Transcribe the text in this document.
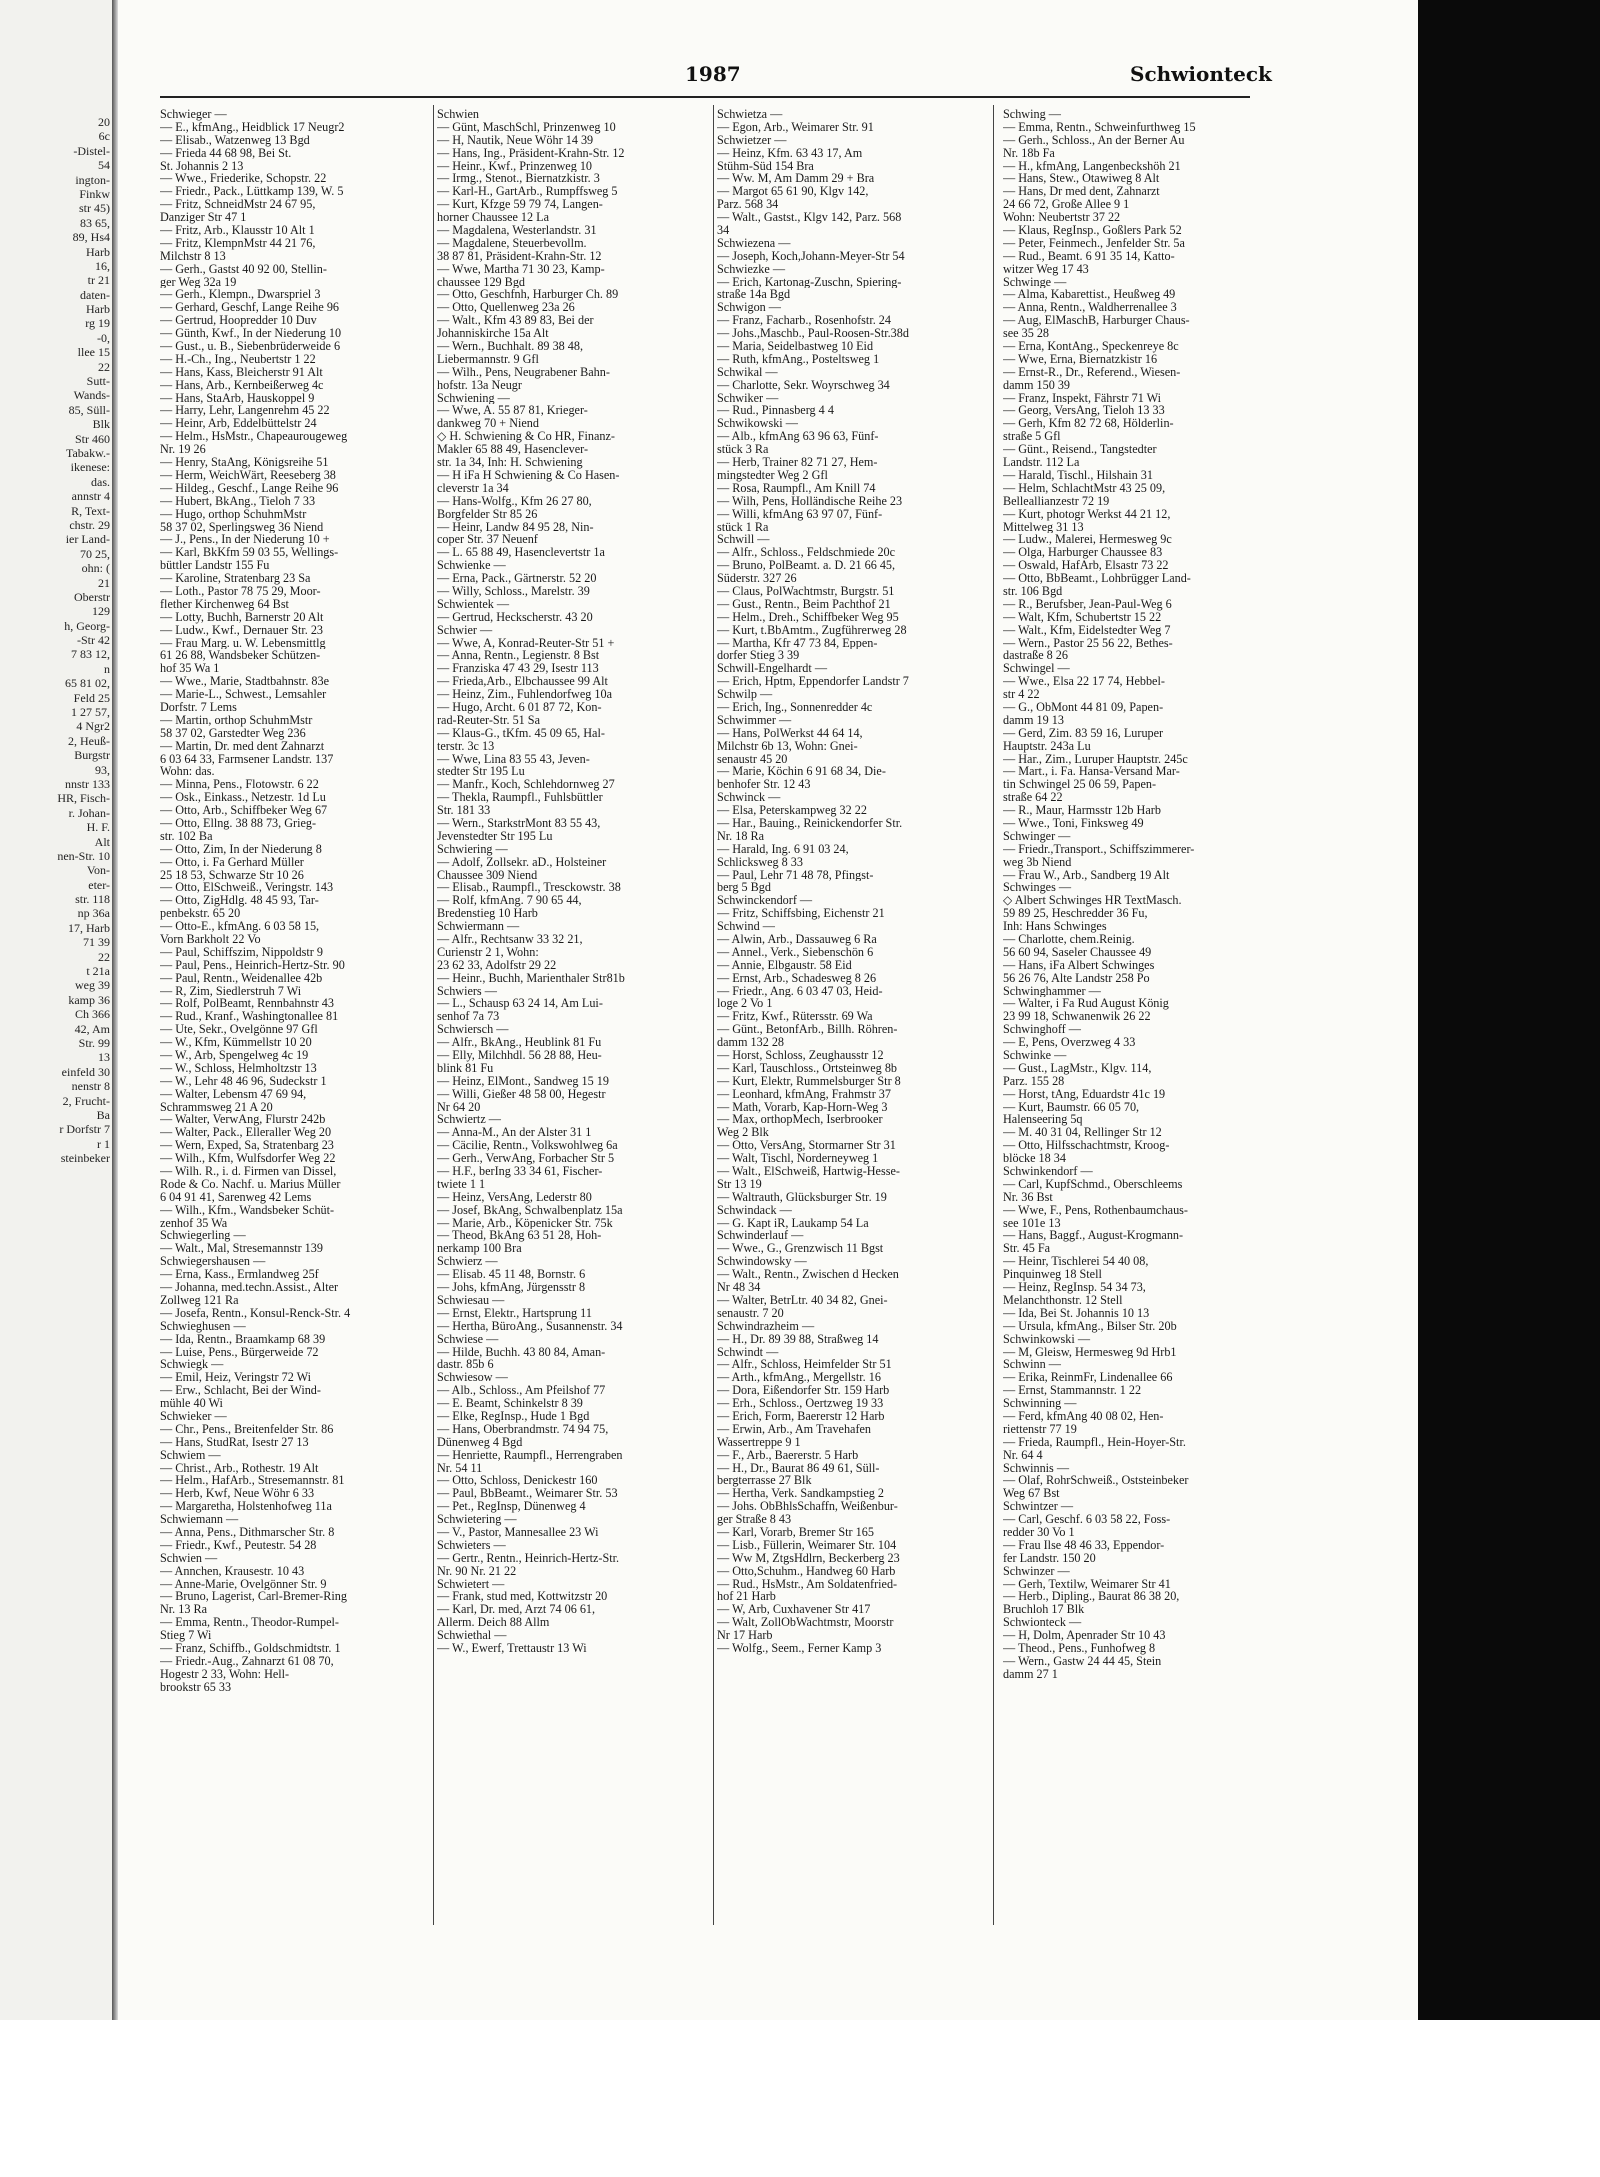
20
6c
-Distel-
54
ington-
Finkw
str 45)
83 65,
89, Hs4
Harb
16,
tr 21
daten-
Harb
rg 19
-0,
llee 15
22
Sutt-
Wands-
85, Süll-
Blk
Str 460
Tabakw.-
ikenese:
das.
annstr 4
R, Text-
chstr. 29
ier Land-
70 25,
ohn: (
21
Oberstr
129
h, Georg-
-Str 42
7 83 12,
n
65 81 02,
Feld 25
1 27 57,
4 Ngr2
2, Heuß-
Burgstr
93,
nnstr 133
HR, Fisch-
r. Johan-
H. F.
Alt
nen-Str. 10
Von-
eter-
str. 118
np 36a
17, Harb
71 39
22
t 21a
weg 39
kamp 36
Ch 366
42, Am
Str. 99
13
einfeld 30
nenstr 8
2, Frucht-
Ba
r Dorfstr 7
r 1
steinbeker
1987	Schwionteck
Schwieger —
— E., kfmAng., Heidblick 17 Neugr2
— Elisab., Watzenweg 13 Bgd
— Frieda 44 68 98, Bei St.
St. Johannis 2 13
— Wwe., Friederike, Schopstr. 22
— Friedr., Pack., Lüttkamp 139, W. 5
— Fritz, SchneidMstr 24 67 95,
Danziger Str 47 1
— Fritz, Arb., Klausstr 10 Alt 1
— Fritz, KlempnMstr 44 21 76,
Milchstr 8 13
— Gerh., Gastst 40 92 00, Stellin-
ger Weg 32a 19
— Gerh., Klempn., Dwarspriel 3
— Gerhard, Geschf, Lange Reihe 96
— Gertrud, Hoopredder 10 Duv
— Günth, Kwf., In der Niederung 10
— Gust., u. B., Siebenbrüderweide 6
— H.-Ch., Ing., Neubertstr 1 22
— Hans, Kass, Bleicherstr 91 Alt
— Hans, Arb., Kernbeißerweg 4c
— Hans, StaArb, Hauskoppel 9
— Harry, Lehr, Langenrehm 45 22
— Heinr, Arb, Eddelbüttelstr 24
— Helm., HsMstr., Chapeaurougeweg
Nr. 19 26
— Henry, StaAng, Königsreihe 51
— Herm, WeichWärt, Reeseberg 38
— Hildeg., Geschf., Lange Reihe 96
— Hubert, BkAng., Tieloh 7 33
— Hugo, orthop SchuhmMstr
58 37 02, Sperlingsweg 36 Niend
— J., Pens., In der Niederung 10 +
— Karl, BkKfm 59 03 55, Wellings-
büttler Landstr 155 Fu
— Karoline, Stratenbarg 23 Sa
— Loth., Pastor 78 75 29, Moor-
flether Kirchenweg 64 Bst
— Lotty, Buchh, Barnerstr 20 Alt
— Ludw., Kwf., Dernauer Str. 23
— Frau Marg. u. W. Lebensmittlg
61 26 88, Wandsbeker Schützen-
hof 35 Wa 1
— Wwe., Marie, Stadtbahnstr. 83e
— Marie-L., Schwest., Lemsahler
Dorfstr. 7 Lems
— Martin, orthop SchuhmMstr
58 37 02, Garstedter Weg 236
— Martin, Dr. med dent Zahnarzt
6 03 64 33, Farmsener Landstr. 137
Wohn: das.
— Minna, Pens., Flotowstr. 6 22
— Osk., Einkass., Netzestr. 1d Lu
— Otto, Arb., Schiffbeker Weg 67
— Otto, Ellng. 38 88 73, Grieg-
str. 102 Ba
— Otto, Zim, In der Niederung 8
— Otto, i. Fa Gerhard Müller
25 18 53, Schwarze Str 10 26
— Otto, ElSchweiß., Veringstr. 143
— Otto, ZigHdlg. 48 45 93, Tar-
penbekstr. 65 20
— Otto-E., kfmAng. 6 03 58 15,
Vorn Barkholt 22 Vo
— Paul, Schiffszim, Nippoldstr 9
— Paul, Pens., Heinrich-Hertz-Str. 90
— Paul, Rentn., Weidenallee 42b
— R, Zim, Siedlerstruh 7 Wi
— Rolf, PolBeamt, Rennbahnstr 43
— Rud., Kranf., Washingtonallee 81
— Ute, Sekr., Ovelgönne 97 Gfl
— W., Kfm, Kümmellstr 10 20
— W., Arb, Spengelweg 4c 19
— W., Schloss, Helmholtzstr 13
— W., Lehr 48 46 96, Sudeckstr 1
— Walter, Lebensm 47 69 94,
Schrammsweg 21 A 20
— Walter, VerwAng, Flurstr 242b
— Walter, Pack., Elleraller Weg 20
— Wern, Exped, Sa, Stratenbarg 23
— Wilh., Kfm, Wulfsdorfer Weg 22
— Wilh. R., i. d. Firmen van Dissel,
Rode & Co. Nachf. u. Marius Müller
6 04 91 41, Sarenweg 42 Lems
— Wilh., Kfm., Wandsbeker Schüt-
zenhof 35 Wa
Schwiegerling —
— Walt., Mal, Stresemannstr 139
Schwiegershausen —
— Erna, Kass., Ermlandweg 25f
— Johanna, med.techn.Assist., Alter
Zollweg 121 Ra
— Josefa, Rentn., Konsul-Renck-Str. 4
Schwieghusen —
— Ida, Rentn., Braamkamp 68 39
— Luise, Pens., Bürgerweide 72
Schwiegk —
— Emil, Heiz, Veringstr 72 Wi
— Erw., Schlacht, Bei der Wind-
mühle 40 Wi
Schwieker —
— Chr., Pens., Breitenfelder Str. 86
— Hans, StudRat, Isestr 27 13
Schwiem —
— Christ., Arb., Rothestr. 19 Alt
— Helm., HafArb., Stresemannstr. 81
— Herb, Kwf, Neue Wöhr 6 33
— Margaretha, Holstenhofweg 11a
Schwiemann —
— Anna, Pens., Dithmarscher Str. 8
— Friedr., Kwf., Peutestr. 54 28
Schwien —
— Annchen, Krausestr. 10 43
— Anne-Marie, Ovelgönner Str. 9
— Bruno, Lagerist, Carl-Bremer-Ring
Nr. 13 Ra
— Emma, Rentn., Theodor-Rumpel-
Stieg 7 Wi
— Franz, Schiffb., Goldschmidtstr. 1
— Friedr.-Aug., Zahnarzt 61 08 70,
Hogestr 2 33, Wohn: Hell-
brookstr 65 33
Schwien
— Günt, MaschSchl, Prinzenweg 10
— H, Nautik, Neue Wöhr 14 39
— Hans, Ing., Präsident-Krahn-Str. 12
— Heinr., Kwf., Prinzenweg 10
— Irmg., Stenot., Biernatzkistr. 3
— Karl-H., GartArb., Rumpffsweg 5
— Kurt, Kfzge 59 79 74, Langen-
horner Chaussee 12 La
— Magdalena, Westerlandstr. 31
— Magdalene, Steuerbevollm.
38 87 81, Präsident-Krahn-Str. 12
— Wwe, Martha 71 30 23, Kamp-
chaussee 129 Bgd
— Otto, Geschfnh, Harburger Ch. 89
— Otto, Quellenweg 23a 26
— Walt., Kfm 43 89 83, Bei der
Johanniskirche 15a Alt
— Wern., Buchhalt. 89 38 48,
Liebermannstr. 9 Gfl
— Wilh., Pens, Neugrabener Bahn-
hofstr. 13a Neugr
Schwiening —
— Wwe, A. 55 87 81, Krieger-
dankweg 70 + Niend
◇ H. Schwiening & Co HR, Finanz-
Makler 65 88 49, Hasenclever-
str. 1a 34, Inh: H. Schwiening
— H iFa H Schwiening & Co Hasen-
cleverstr 1a 34
— Hans-Wolfg., Kfm 26 27 80,
Borgfelder Str 85 26
— Heinr, Landw 84 95 28, Nin-
coper Str. 37 Neuenf
— L. 65 88 49, Hasenclevertstr 1a
Schwienke —
— Erna, Pack., Gärtnerstr. 52 20
— Willy, Schloss., Marelstr. 39
Schwientek —
— Gertrud, Heckscherstr. 43 20
Schwier —
— Wwe, A, Konrad-Reuter-Str 51 +
— Anna, Rentn., Legienstr. 8 Bst
— Franziska 47 43 29, Isestr 113
— Frieda,Arb., Elbchaussee 99 Alt
— Heinz, Zim., Fuhlendorfweg 10a
— Hugo, Archt. 6 01 87 72, Kon-
rad-Reuter-Str. 51 Sa
— Klaus-G., tKfm. 45 09 65, Hal-
terstr. 3c 13
— Wwe, Lina 83 55 43, Jeven-
stedter Str 195 Lu
— Manfr., Koch, Schlehdornweg 27
— Thekla, Raumpfl., Fuhlsbüttler
Str. 181 33
— Wern., StarkstrMont 83 55 43,
Jevenstedter Str 195 Lu
Schwiering —
— Adolf, Zollsekr. aD., Holsteiner
Chaussee 309 Niend
— Elisab., Raumpfl., Tresckowstr. 38
— Rolf, kfmAng. 7 90 65 44,
Bredenstieg 10 Harb
Schwiermann —
— Alfr., Rechtsanw 33 32 21,
Curienstr 2 1, Wohn:
23 62 33, Adolfstr 29 22
— Heinr., Buchh, Marienthaler Str81b
Schwiers —
— L., Schausp 63 24 14, Am Lui-
senhof 7a 73
Schwiersch —
— Alfr., BkAng., Heublink 81 Fu
— Elly, Milchhdl. 56 28 88, Heu-
blink 81 Fu
— Heinz, ElMont., Sandweg 15 19
— Willi, Gießer 48 58 00, Hegestr
Nr 64 20
Schwiertz —
— Anna-M., An der Alster 31 1
— Cäcilie, Rentn., Volkswohlweg 6a
— Gerh., VerwAng, Forbacher Str 5
— H.F., berIng 33 34 61, Fischer-
twiete 1 1
— Heinz, VersAng, Lederstr 80
— Josef, BkAng, Schwalbenplatz 15a
— Marie, Arb., Köpenicker Str. 75k
— Theod, BkAng 63 51 28, Hoh-
nerkamp 100 Bra
Schwierz —
— Elisab. 45 11 48, Bornstr. 6
— Johs, kfmAng, Jürgensstr 8
Schwiesau —
— Ernst, Elektr., Hartsprung 11
— Hertha, BüroAng., Susannenstr. 34
Schwiese —
— Hilde, Buchh. 43 80 84, Aman-
dastr. 85b 6
Schwiesow —
— Alb., Schloss., Am Pfeilshof 77
— E. Beamt, Schinkelstr 8 39
— Elke, RegInsp., Hude 1 Bgd
— Hans, Oberbrandmstr. 74 94 75,
Dünenweg 4 Bgd
— Henriette, Raumpfl., Herrengraben
Nr. 54 11
— Otto, Schloss, Denickestr 160
— Paul, BbBeamt., Weimarer Str. 53
— Pet., RegInsp, Dünenweg 4
Schwietering —
— V., Pastor, Mannesallee 23 Wi
Schwieters —
— Gertr., Rentn., Heinrich-Hertz-Str.
Nr. 90 Nr. 21 22
Schwietert —
— Frank, stud med, Kottwitzstr 20
— Karl, Dr. med, Arzt 74 06 61,
Allerm. Deich 88 Allm
Schwiethal —
— W., Ewerf, Trettaustr 13 Wi
Schwietza —
— Egon, Arb., Weimarer Str. 91
Schwietzer —
— Heinz, Kfm. 63 43 17, Am
Stühm-Süd 154 Bra
— Ww. M, Am Damm 29 + Bra
— Margot 65 61 90, Klgv 142,
Parz. 568 34
— Walt., Gastst., Klgv 142, Parz. 568
34
Schwiezena —
— Joseph, Koch,Johann-Meyer-Str 54
Schwiezke —
— Erich, Kartonag-Zuschn, Spiering-
straße 14a Bgd
Schwigon —
— Franz, Facharb., Rosenhofstr. 24
— Johs.,Maschb., Paul-Roosen-Str.38d
— Maria, Seidelbastweg 10 Eid
— Ruth, kfmAng., Posteltsweg 1
Schwikal —
— Charlotte, Sekr. Woyrschweg 34
Schwiker —
— Rud., Pinnasberg 4 4
Schwikowski —
— Alb., kfmAng 63 96 63, Fünf-
stück 3 Ra
— Herb, Trainer 82 71 27, Hem-
mingstedter Weg 2 Gfl
— Rosa, Raumpfl., Am Knill 74
— Wilh, Pens, Holländische Reihe 23
— Willi, kfmAng 63 97 07, Fünf-
stück 1 Ra
Schwill —
— Alfr., Schloss., Feldschmiede 20c
— Bruno, PolBeamt. a. D. 21 66 45,
Süderstr. 327 26
— Claus, PolWachtmstr, Burgstr. 51
— Gust., Rentn., Beim Pachthof 21
— Helm., Dreh., Schiffbeker Weg 95
— Kurt, t.BbAmtm., Zugführerweg 28
— Martha, Kfr 47 73 84, Eppen-
dorfer Stieg 3 39
Schwill-Engelhardt —
— Erich, Hptm, Eppendorfer Landstr 7
Schwilp —
— Erich, Ing., Sonnenredder 4c
Schwimmer —
— Hans, PolWerkst 44 64 14,
Milchstr 6b 13, Wohn: Gnei-
senaustr 45 20
— Marie, Köchin 6 91 68 34, Die-
benhofer Str. 12 43
Schwinck —
— Elsa, Peterskampweg 32 22
— Har., Bauing., Reinickendorfer Str.
Nr. 18 Ra
— Harald, Ing. 6 91 03 24,
Schlicksweg 8 33
— Paul, Lehr 71 48 78, Pfingst-
berg 5 Bgd
Schwinckendorf —
— Fritz, Schiffsbing, Eichenstr 21
Schwind —
— Alwin, Arb., Dassauweg 6 Ra
— Annel., Verk., Siebenschön 6
— Annie, Elbgaustr. 58 Eid
— Ernst, Arb., Schadesweg 8 26
— Friedr., Ang. 6 03 47 03, Heid-
loge 2 Vo 1
— Fritz, Kwf., Rütersstr. 69 Wa
— Günt., BetonfArb., Billh. Röhren-
damm 132 28
— Horst, Schloss, Zeughausstr 12
— Karl, Tauschloss., Ortsteinweg 8b
— Kurt, Elektr, Rummelsburger Str 8
— Leonhard, kfmAng, Frahmstr 37
— Math, Vorarb, Kap-Horn-Weg 3
— Max, orthopMech, Iserbrooker
Weg 2 Blk
— Otto, VersAng, Stormarner Str 31
— Walt, Tischl, Norderneyweg 1
— Walt., ElSchweiß, Hartwig-Hesse-
Str 13 19
— Waltrauth, Glücksburger Str. 19
Schwindack —
— G. Kapt iR, Laukamp 54 La
Schwinderlauf —
— Wwe., G., Grenzwisch 11 Bgst
Schwindowsky —
— Walt., Rentn., Zwischen d Hecken
Nr 48 34
— Walter, BetrLtr. 40 34 82, Gnei-
senaustr. 7 20
Schwindrazheim —
— H., Dr. 89 39 88, Straßweg 14
Schwindt —
— Alfr., Schloss, Heimfelder Str 51
— Arth., kfmAng., Mergellstr. 16
— Dora, Eißendorfer Str. 159 Harb
— Erh., Schloss., Oertzweg 19 33
— Erich, Form, Baererstr 12 Harb
— Erwin, Arb., Am Travehafen
Wassertreppe 9 1
— F., Arb., Baererstr. 5 Harb
— H., Dr., Baurat 86 49 61, Süll-
bergterrasse 27 Blk
— Hertha, Verk. Sandkampstieg 2
— Johs. ObBhlsSchaffn, Weißenbur-
ger Straße 8 43
— Karl, Vorarb, Bremer Str 165
— Lisb., Füllerin, Weimarer Str. 104
— Ww M, ZtgsHdlrn, Beckerberg 23
— Otto,Schuhm., Handweg 60 Harb
— Rud., HsMstr., Am Soldatenfried-
hof 21 Harb
— W, Arb, Cuxhavener Str 417
— Walt, ZollObWachtmstr, Moorstr
Nr 17 Harb
— Wolfg., Seem., Ferner Kamp 3
Schwing —
— Emma, Rentn., Schweinfurthweg 15
— Gerh., Schloss., An der Berner Au
Nr. 18b Fa
— H., kfmAng, Langenbeckshöh 21
— Hans, Stew., Otawiweg 8 Alt
— Hans, Dr med dent, Zahnarzt
24 66 72, Große Allee 9 1
Wohn: Neubertstr 37 22
— Klaus, RegInsp., Goßlers Park 52
— Peter, Feinmech., Jenfelder Str. 5a
— Rud., Beamt. 6 91 35 14, Katto-
witzer Weg 17 43
Schwinge —
— Alma, Kabarettist., Heußweg 49
— Anna, Rentn., Waldherrenallee 3
— Aug, ElMaschB, Harburger Chaus-
see 35 28
— Erna, KontAng., Speckenreye 8c
— Wwe, Erna, Biernatzkistr 16
— Ernst-R., Dr., Referend., Wiesen-
damm 150 39
— Franz, Inspekt, Fährstr 71 Wi
— Georg, VersAng, Tieloh 13 33
— Gerh, Kfm 82 72 68, Hölderlin-
straße 5 Gfl
— Günt., Reisend., Tangstedter
Landstr. 112 La
— Harald, Tischl., Hilshain 31
— Helm, SchlachtMstr 43 25 09,
Belleallianzestr 72 19
— Kurt, photogr Werkst 44 21 12,
Mittelweg 31 13
— Ludw., Malerei, Hermesweg 9c
— Olga, Harburger Chaussee 83
— Oswald, HafArb, Elsastr 73 22
— Otto, BbBeamt., Lohbrügger Land-
str. 106 Bgd
— R., Berufsber, Jean-Paul-Weg 6
— Walt, Kfm, Schubertstr 15 22
— Walt., Kfm, Eidelstedter Weg 7
— Wern., Pastor 25 56 22, Bethes-
dastraße 8 26
Schwingel —
— Wwe., Elsa 22 17 74, Hebbel-
str 4 22
— G., ObMont 44 81 09, Papen-
damm 19 13
— Gerd, Zim. 83 59 16, Luruper
Hauptstr. 243a Lu
— Har., Zim., Luruper Hauptstr. 245c
— Mart., i. Fa. Hansa-Versand Mar-
tin Schwingel 25 06 59, Papen-
straße 64 22
— R., Maur, Harmsstr 12b Harb
— Wwe., Toni, Finksweg 49
Schwinger —
— Friedr.,Transport., Schiffszimmerer-
weg 3b Niend
— Frau W., Arb., Sandberg 19 Alt
Schwinges —
◇ Albert Schwinges HR TextMasch.
59 89 25, Heschredder 36 Fu,
Inh: Hans Schwinges
— Charlotte, chem.Reinig.
56 60 94, Saseler Chaussee 49
— Hans, iFa Albert Schwinges
56 26 76, Alte Landstr 258 Po
Schwinghammer —
— Walter, i Fa Rud August König
23 99 18, Schwanenwik 26 22
Schwinghoff —
— E, Pens, Overzweg 4 33
Schwinke —
— Gust., LagMstr., Klgv. 114,
Parz. 155 28
— Horst, tAng, Eduardstr 41c 19
— Kurt, Baumstr. 66 05 70,
Halenseering 5q
— M. 40 31 04, Rellinger Str 12
— Otto, Hilfsschachtmstr, Kroog-
blöcke 18 34
Schwinkendorf —
— Carl, KupfSchmd., Oberschleems
Nr. 36 Bst
— Wwe, F., Pens, Rothenbaumchaus-
see 101e 13
— Hans, Baggf., August-Krogmann-
Str. 45 Fa
— Heinr, Tischlerei 54 40 08,
Pinquinweg 18 Stell
— Heinz, RegInsp. 54 34 73,
Melanchthonstr. 12 Stell
— Ida, Bei St. Johannis 10 13
— Ursula, kfmAng., Bilser Str. 20b
Schwinkowski —
— M, Gleisw, Hermesweg 9d Hrb1
Schwinn —
— Erika, ReinmFr, Lindenallee 66
— Ernst, Stammannstr. 1 22
Schwinning —
— Ferd, kfmAng 40 08 02, Hen-
riettenstr 77 19
— Frieda, Raumpfl., Hein-Hoyer-Str.
Nr. 64 4
Schwinnis —
— Olaf, RohrSchweiß., Oststeinbeker
Weg 67 Bst
Schwintzer —
— Carl, Geschf. 6 03 58 22, Foss-
redder 30 Vo 1
— Frau Ilse 48 46 33, Eppendor-
fer Landstr. 150 20
Schwinzer —
— Gerh, Textilw, Weimarer Str 41
— Herb., Dipling., Baurat 86 38 20,
Bruchloh 17 Blk
Schwionteck —
— H, Dolm, Apenrader Str 10 43
— Theod., Pens., Funhofweg 8
— Wern., Gastw 24 44 45, Stein
damm 27 1
